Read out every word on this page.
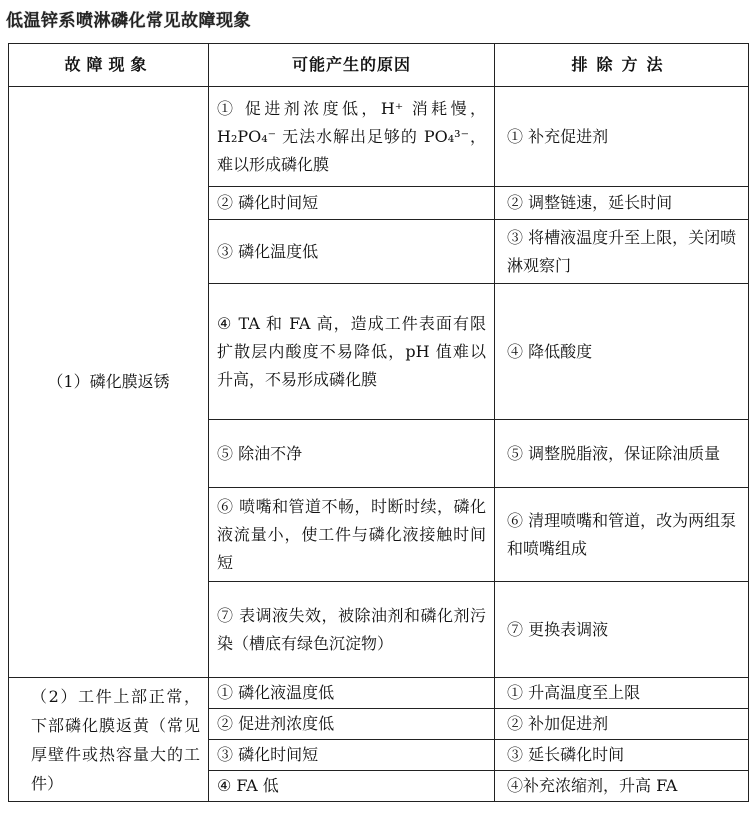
低温锌系喷淋磷化常见故障现象
故障现象	可能产生的原因	排除方法
（1）磷化膜返锈	① 促进剂浓度低，H⁺ 消耗慢，H₂PO₄⁻ 无法水解出足够的 PO₄³⁻，难以形成磷化膜	① 补充促进剂
	② 磷化时间短	② 调整链速，延长时间
	③ 磷化温度低	③ 将槽液温度升至上限，关闭喷淋观察门
	④ TA 和 FA 高，造成工件表面有限扩散层内酸度不易降低，pH 值难以升高，不易形成磷化膜	④ 降低酸度
	⑤ 除油不净	⑤ 调整脱脂液，保证除油质量
	⑥ 喷嘴和管道不畅，时断时续，磷化液流量小，使工件与磷化液接触时间短	⑥ 清理喷嘴和管道，改为两组泵和喷嘴组成
	⑦ 表调液失效，被除油剂和磷化剂污染（槽底有绿色沉淀物）	⑦ 更换表调液
（2）工件上部正常，下部磷化膜返黄（常见厚壁件或热容量大的工件）	① 磷化液温度低	① 升高温度至上限
	② 促进剂浓度低	② 补加促进剂
	③ 磷化时间短	③ 延长磷化时间
	④ FA 低	④补充浓缩剂，升高 FA
